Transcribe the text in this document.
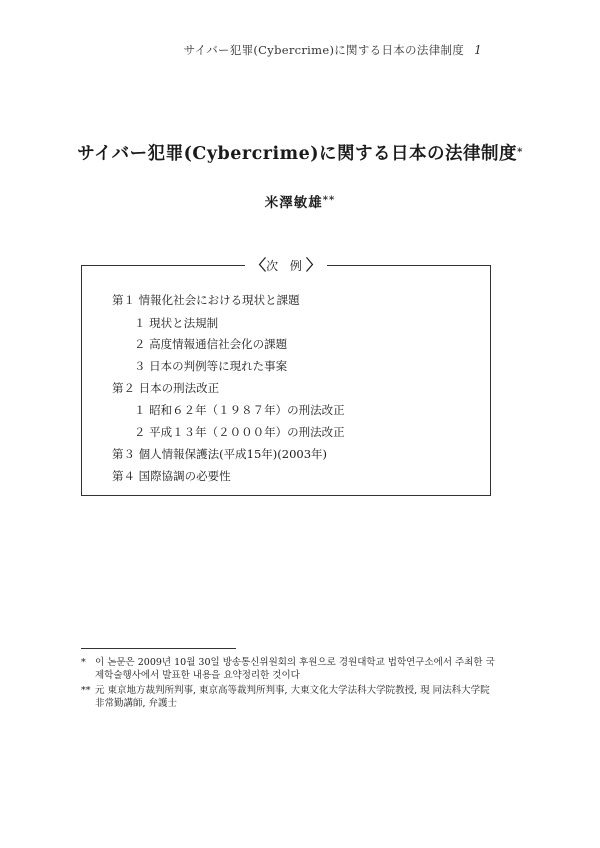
サイバー犯罪(Cybercrime)に関する日本の法律制度 1
サイバー犯罪(Cybercrime)に関する日本の法律制度*
米澤敏雄**
〈次 例〉
第１ 情報化社会における現状と課題
１ 現状と法規制
２ 高度情報通信社会化の課題
３ 日本の判例等に現れた事案
第２ 日本の刑法改正
１ 昭和６２年（１９８７年）の刑法改正
２ 平成１３年（２０００年）の刑法改正
第３ 個人情報保護法(平成15年)(2003年)
第４ 国際協調の必要性
* 이 논문은 2009년 10월 30일 방송통신위원회의 후원으로 경원대학교 법학연구소에서 주최한 국제학술행사에서 발표한 내용을 요약정리한 것이다
** 元 東京地方裁判所判事, 東京高等裁判所判事, 大東文化大学法科大学院教授, 現 同法科大学院非常勤講師, 弁護士
